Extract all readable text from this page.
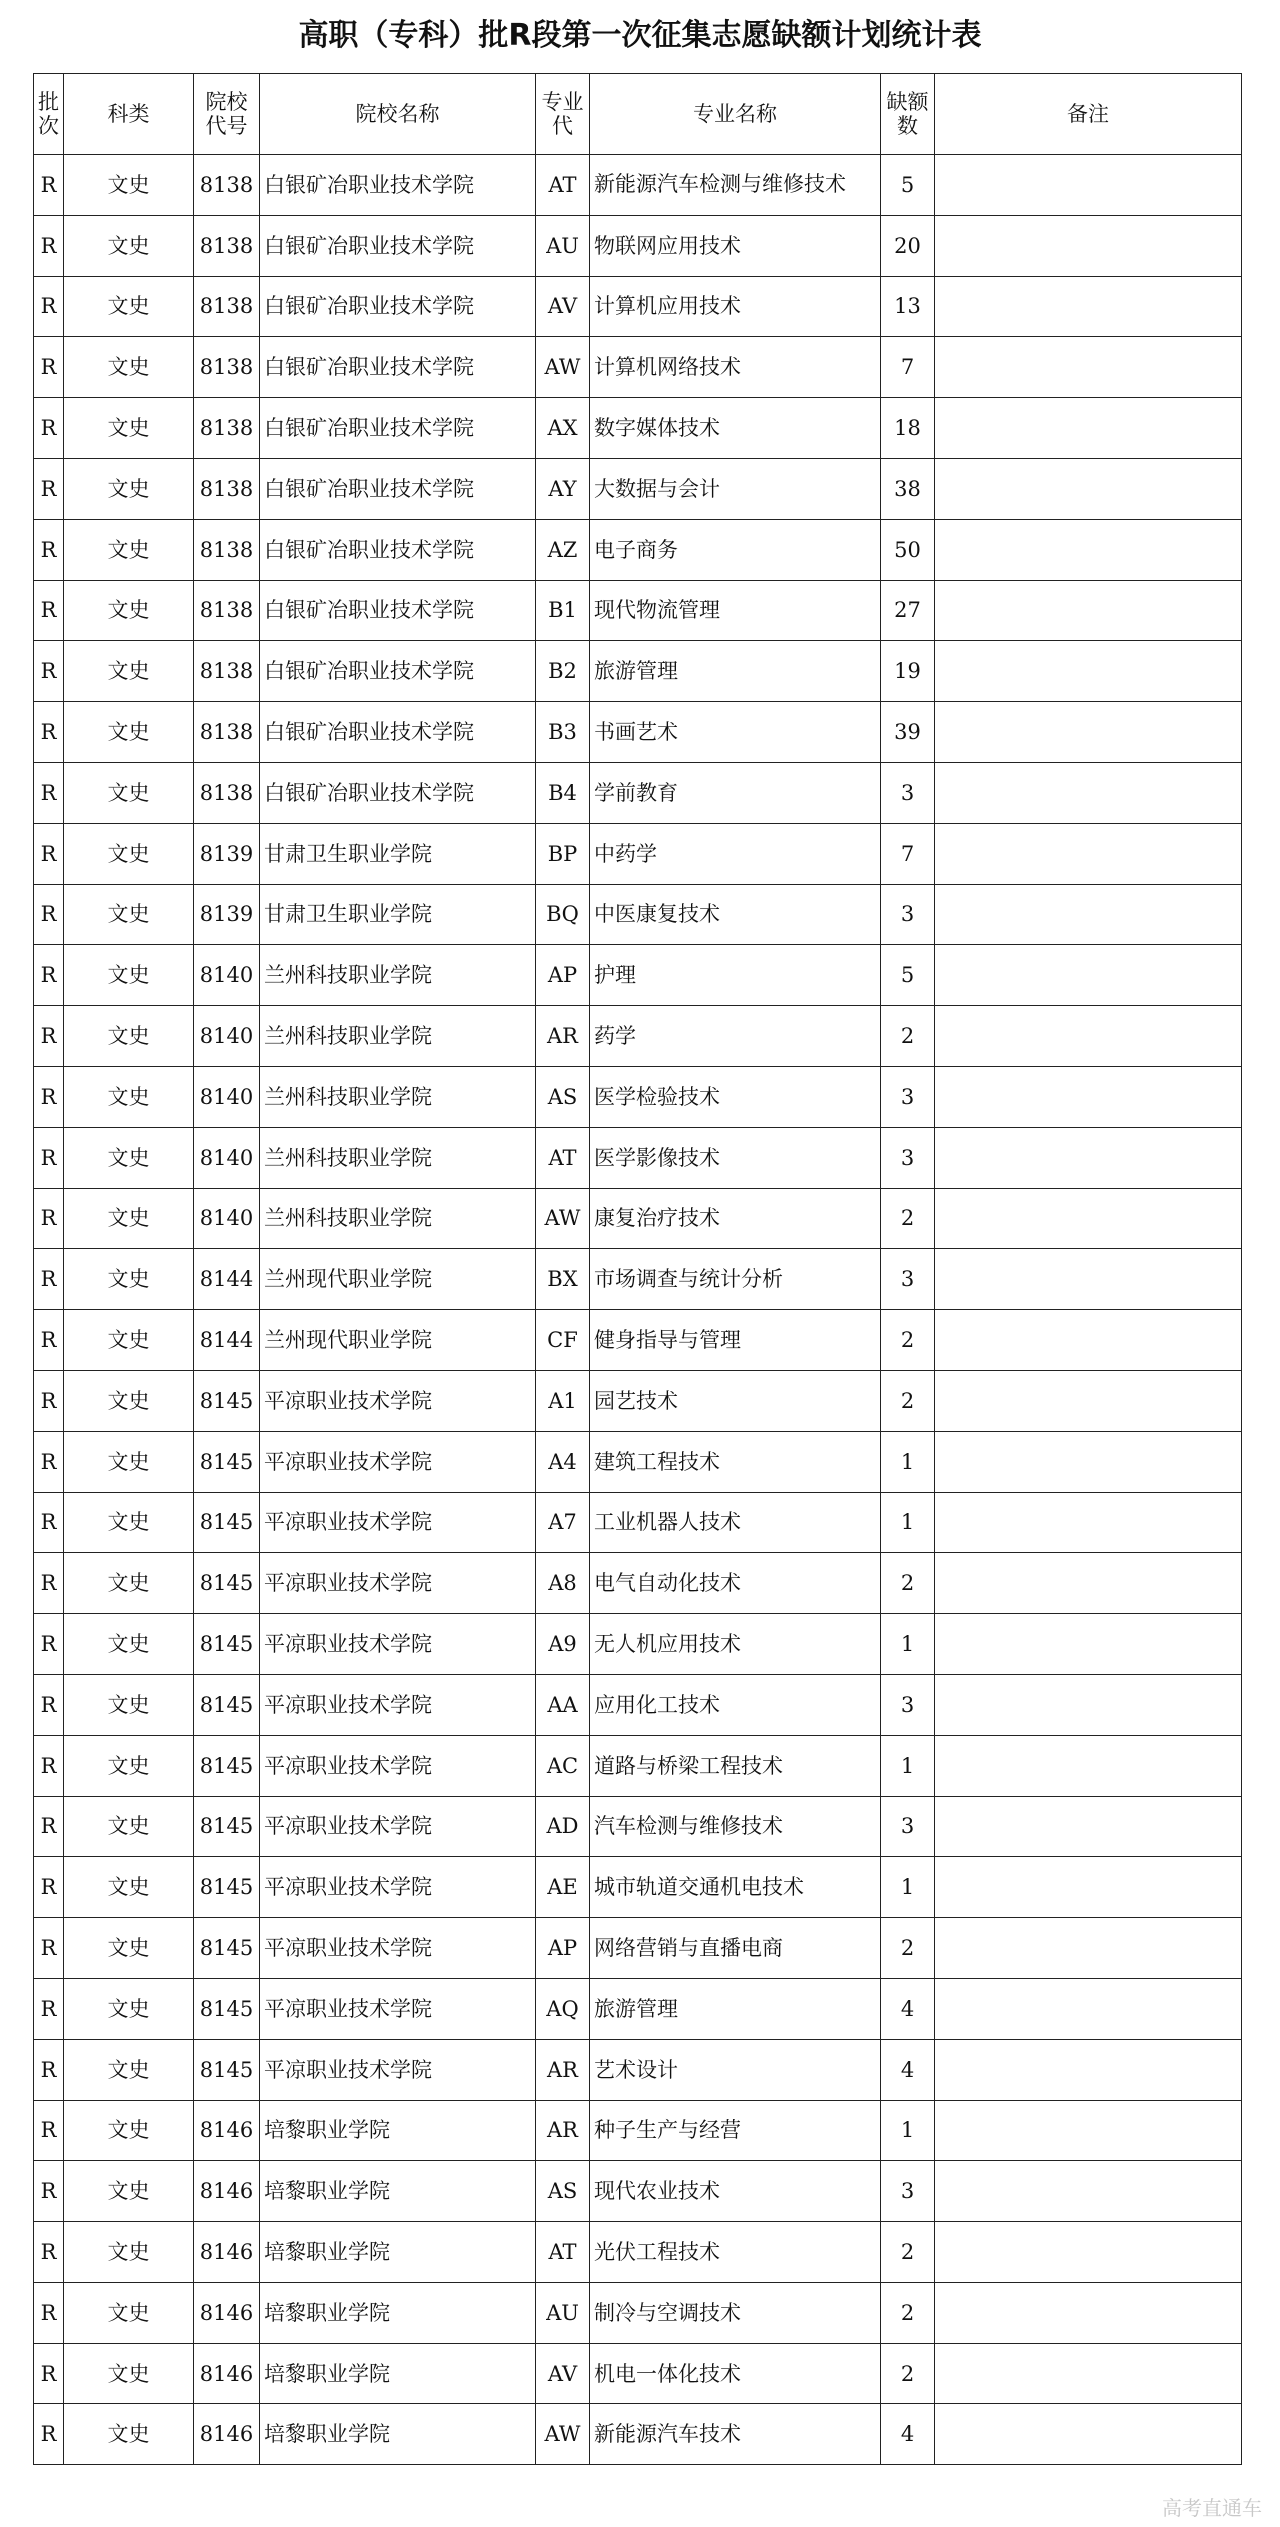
高职（专科）批R段第一次征集志愿缺额计划统计表
批次	科类	院校代号	院校名称	专业代	专业名称	缺额数	备注
R	文史	8138	白银矿冶职业技术学院	AT	新能源汽车检测与维修技术	5	
R	文史	8138	白银矿冶职业技术学院	AU	物联网应用技术	20	
R	文史	8138	白银矿冶职业技术学院	AV	计算机应用技术	13	
R	文史	8138	白银矿冶职业技术学院	AW	计算机网络技术	7	
R	文史	8138	白银矿冶职业技术学院	AX	数字媒体技术	18	
R	文史	8138	白银矿冶职业技术学院	AY	大数据与会计	38	
R	文史	8138	白银矿冶职业技术学院	AZ	电子商务	50	
R	文史	8138	白银矿冶职业技术学院	B1	现代物流管理	27	
R	文史	8138	白银矿冶职业技术学院	B2	旅游管理	19	
R	文史	8138	白银矿冶职业技术学院	B3	书画艺术	39	
R	文史	8138	白银矿冶职业技术学院	B4	学前教育	3	
R	文史	8139	甘肃卫生职业学院	BP	中药学	7	
R	文史	8139	甘肃卫生职业学院	BQ	中医康复技术	3	
R	文史	8140	兰州科技职业学院	AP	护理	5	
R	文史	8140	兰州科技职业学院	AR	药学	2	
R	文史	8140	兰州科技职业学院	AS	医学检验技术	3	
R	文史	8140	兰州科技职业学院	AT	医学影像技术	3	
R	文史	8140	兰州科技职业学院	AW	康复治疗技术	2	
R	文史	8144	兰州现代职业学院	BX	市场调查与统计分析	3	
R	文史	8144	兰州现代职业学院	CF	健身指导与管理	2	
R	文史	8145	平凉职业技术学院	A1	园艺技术	2	
R	文史	8145	平凉职业技术学院	A4	建筑工程技术	1	
R	文史	8145	平凉职业技术学院	A7	工业机器人技术	1	
R	文史	8145	平凉职业技术学院	A8	电气自动化技术	2	
R	文史	8145	平凉职业技术学院	A9	无人机应用技术	1	
R	文史	8145	平凉职业技术学院	AA	应用化工技术	3	
R	文史	8145	平凉职业技术学院	AC	道路与桥梁工程技术	1	
R	文史	8145	平凉职业技术学院	AD	汽车检测与维修技术	3	
R	文史	8145	平凉职业技术学院	AE	城市轨道交通机电技术	1	
R	文史	8145	平凉职业技术学院	AP	网络营销与直播电商	2	
R	文史	8145	平凉职业技术学院	AQ	旅游管理	4	
R	文史	8145	平凉职业技术学院	AR	艺术设计	4	
R	文史	8146	培黎职业学院	AR	种子生产与经营	1	
R	文史	8146	培黎职业学院	AS	现代农业技术	3	
R	文史	8146	培黎职业学院	AT	光伏工程技术	2	
R	文史	8146	培黎职业学院	AU	制冷与空调技术	2	
R	文史	8146	培黎职业学院	AV	机电一体化技术	2	
R	文史	8146	培黎职业学院	AW	新能源汽车技术	4	
高考直通车
